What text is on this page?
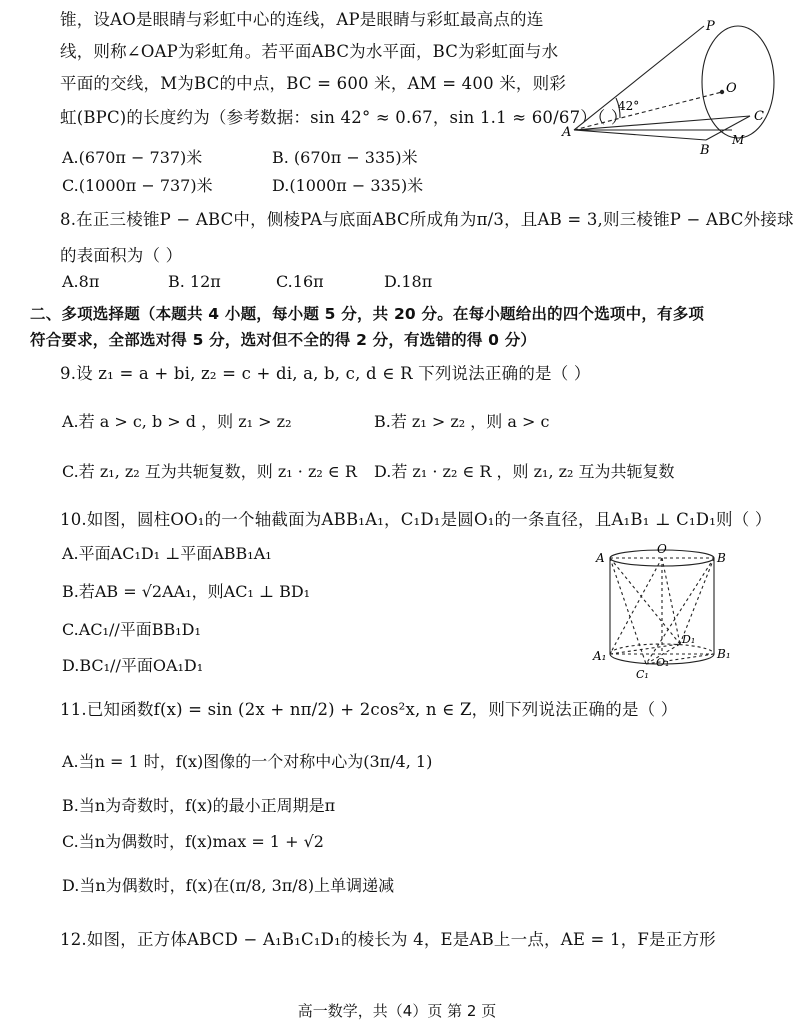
锥，设AO是眼睛与彩虹中心的连线，AP是眼睛与彩虹最高点的连
线，则称∠OAP为彩虹角。若平面ABC为水平面，BC为彩虹面与水
平面的交线，M为BC的中点，BC = 600 米，AM = 400 米，则彩
虹(BPC)的长度约为（参考数据：sin 42° ≈ 0.67，sin 1.1 ≈ 60/67）（ ）
A.(670π − 737)米	B. (670π − 335)米
C.(1000π − 737)米	D.(1000π − 335)米
P
O
A
B
C
M
42°
8.在正三棱锥P − ABC中，侧棱PA与底面ABC所成角为π/3，且AB = 3,则三棱锥P − ABC外接球
的表面积为（ ）
A.8π	B. 12π	C.16π	D.18π
二、多项选择题（本题共 4 小题，每小题 5 分，共 20 分。在每小题给出的四个选项中，有多项
符合要求，全部选对得 5 分，选对但不全的得 2 分，有选错的得 0 分）
9.设 z₁ = a + bi, z₂ = c + di, a, b, c, d ∈ R 下列说法正确的是（ ）
A.若 a > c, b > d ，则 z₁ > z₂	B.若 z₁ > z₂ ，则 a > c
C.若 z₁, z₂ 互为共轭复数，则 z₁ · z₂ ∈ R D.若 z₁ · z₂ ∈ R ，则 z₁, z₂ 互为共轭复数
10.如图，圆柱OO₁的一个轴截面为ABB₁A₁，C₁D₁是圆O₁的一条直径，且A₁B₁ ⊥ C₁D₁则（ ）
A.平面AC₁D₁ ⊥平面ABB₁A₁
B.若AB = √2AA₁，则AC₁ ⊥ BD₁
C.AC₁//平面BB₁D₁
D.BC₁//平面OA₁D₁
A
O
B
A₁	O₁
B₁
C₁
D₁
11.已知函数f(x) = sin (2x + nπ/2) + 2cos²x, n ∈ Z，则下列说法正确的是（ ）
A.当n = 1 时，f(x)图像的一个对称中心为(3π/4, 1)
B.当n为奇数时，f(x)的最小正周期是π
C.当n为偶数时，f(x)max = 1 + √2
D.当n为偶数时，f(x)在(π/8, 3π/8)上单调递减
12.如图，正方体ABCD − A₁B₁C₁D₁的棱长为 4，E是AB上一点，AE = 1，F是正方形
高一数学，共（4）页 第 2 页
